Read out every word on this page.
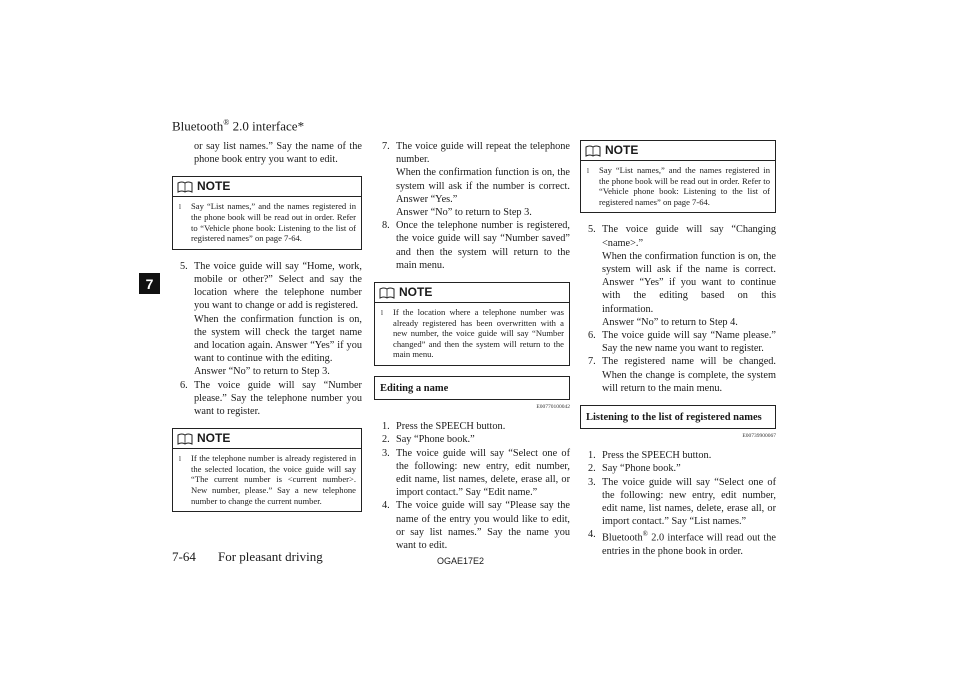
Bluetooth® 2.0 interface*
7

or say list names.” Say the name of the phone book entry you want to edit.

NOTE
l	Say “List names,” and the names registered in the phone book will be read out in order. Refer to “Vehicle phone book: Listening to the list of registered names” on page 7-64.
5. The voice guide will say “Home, work, mobile or other?” Select and say the location where the telephone number you want to change or add is registered.

When the confirmation function is on, the system will check the target name and location again. Answer “Yes” if you want to continue with the editing.

Answer “No” to return to Step 3.

6. The voice guide will say “Number please.” Say the telephone number you want to register.
NOTE
l	If the telephone number is already registered in the selected location, the voice guide will say “The current number is <current number>. New number, please.” Say a new telephone number to change the current number.
7. The voice guide will repeat the telephone number.

When the confirmation function is on, the system will ask if the number is correct. Answer “Yes.”

Answer “No” to return to Step 3.

8. Once the telephone number is registered, the voice guide will say “Number saved” and then the system will return to the main menu.
NOTE
l	If the location where a telephone number was already registered has been overwritten with a new number, the voice guide will say “Number changed” and then the system will return to the main menu.
Editing a name
E00770100042
1. Press the SPEECH button.
2. Say “Phone book.”
3. The voice guide will say “Select one of the following: new entry, edit number, edit name, list names, delete, erase all, or import contact.” Say “Edit name.”
4. The voice guide will say “Please say the name of the entry you would like to edit, or say list names.” Say the name you want to edit.
NOTE
l	Say “List names,” and the names registered in the phone book will be read out in order. Refer to “Vehicle phone book: Listening to the list of registered names” on page 7-64.
5. The voice guide will say “Changing <name>.”

When the confirmation function is on, the system will ask if the name is correct. Answer “Yes” if you want to continue with the editing based on this information.

Answer “No” to return to Step 4.

6. The voice guide will say “Name please.” Say the new name you want to register.
7. The registered name will be changed. When the change is complete, the system will return to the main menu.
Listening to the list of registered names
E00739900067
1. Press the SPEECH button.
2. Say “Phone book.”
3. The voice guide will say “Select one of the following: new entry, edit number, edit name, list names, delete, erase all, or import contact.” Say “List names.”
4. Bluetooth® 2.0 interface will read out the entries in the phone book in order.
7-64 For pleasant driving	OGAE17E2
